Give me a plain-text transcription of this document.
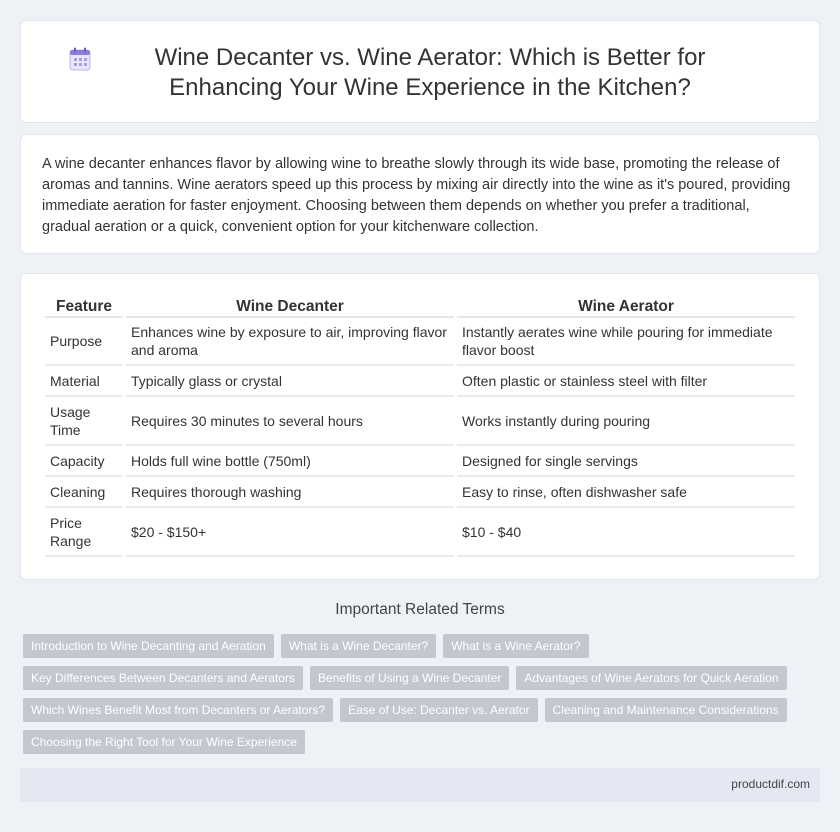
Wine Decanter vs. Wine Aerator: Which is Better for Enhancing Your Wine Experience in the Kitchen?

A wine decanter enhances flavor by allowing wine to breathe slowly through its wide base, promoting the release of aromas and tannins. Wine aerators speed up this process by mixing air directly into the wine as it's poured, providing immediate aeration for faster enjoyment. Choosing between them depends on whether you prefer a traditional, gradual aeration or a quick, convenient option for your kitchenware collection.

Feature	Wine Decanter	Wine Aerator
Purpose	Enhances wine by exposure to air, improving flavor and aroma	Instantly aerates wine while pouring for immediate flavor boost
Material	Typically glass or crystal	Often plastic or stainless steel with filter
Usage Time	Requires 30 minutes to several hours	Works instantly during pouring
Capacity	Holds full wine bottle (750ml)	Designed for single servings
Cleaning	Requires thorough washing	Easy to rinse, often dishwasher safe
Price Range	$20 - $150+	$10 - $40
Important Related Terms
Introduction to Wine Decanting and Aeration	What is a Wine Decanter?	What is a Wine Aerator?
Key Differences Between Decanters and Aerators	Benefits of Using a Wine Decanter	Advantages of Wine Aerators for Quick Aeration
Which Wines Benefit Most from Decanters or Aerators?	Ease of Use: Decanter vs. Aerator	Cleaning and Maintenance Considerations
Choosing the Right Tool for Your Wine Experience
productdif.com
